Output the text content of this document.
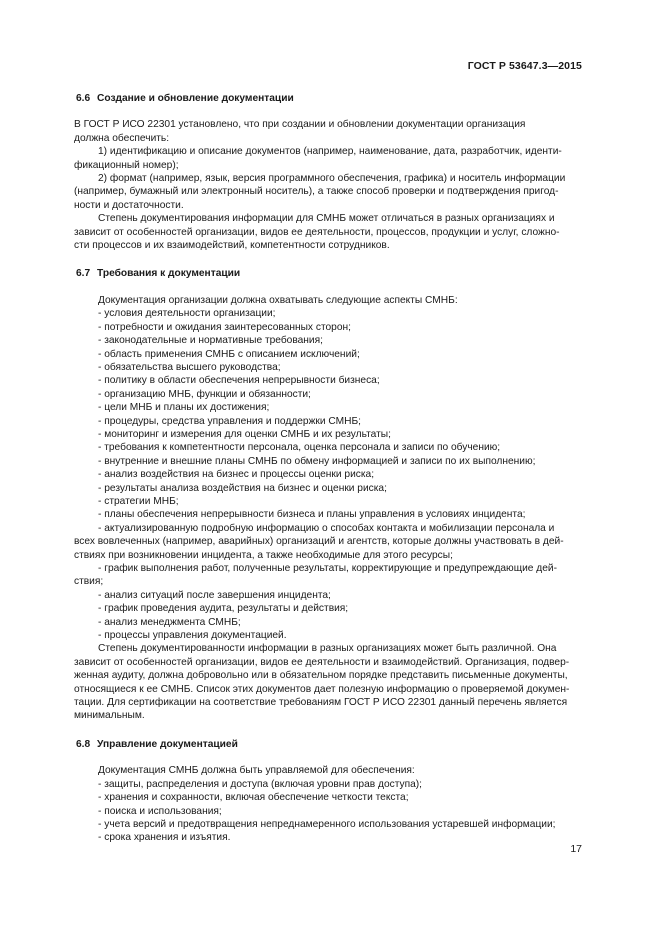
ГОСТ Р 53647.3—2015
6.6 Создание и обновление документации
В ГОСТ Р ИСО 22301 установлено, что при создании и обновлении документации организация
должна обеспечить:
1) идентификацию и описание документов (например, наименование, дата, разработчик, иденти-
фикационный номер);
2) формат (например, язык, версия программного обеспечения, графика) и носитель информации
(например, бумажный или электронный носитель), а также способ проверки и подтверждения пригод-
ности и достаточности.
Степень документирования информации для СМНБ может отличаться в разных организациях и
зависит от особенностей организации, видов ее деятельности, процессов, продукции и услуг, сложно-
сти процессов и их взаимодействий, компетентности сотрудников.
6.7 Требования к документации
Документация организации должна охватывать следующие аспекты СМНБ:
- условия деятельности организации;
- потребности и ожидания заинтересованных сторон;
- законодательные и нормативные требования;
- область применения СМНБ с описанием исключений;
- обязательства высшего руководства;
- политику в области обеспечения непрерывности бизнеса;
- организацию МНБ, функции и обязанности;
- цели МНБ и планы их достижения;
- процедуры, средства управления и поддержки СМНБ;
- мониторинг и измерения для оценки СМНБ и их результаты;
- требования к компетентности персонала, оценка персонала и записи по обучению;
- внутренние и внешние планы СМНБ по обмену информацией и записи по их выполнению;
- анализ воздействия на бизнес и процессы оценки риска;
- результаты анализа воздействия на бизнес и оценки риска;
- стратегии МНБ;
- планы обеспечения непрерывности бизнеса и планы управления в условиях инцидента;
- актуализированную подробную информацию о способах контакта и мобилизации персонала и
всех вовлеченных (например, аварийных) организаций и агентств, которые должны участвовать в дей-
ствиях при возникновении инцидента, а также необходимые для этого ресурсы;
- график выполнения работ, полученные результаты, корректирующие и предупреждающие дей-
ствия;
- анализ ситуаций после завершения инцидента;
- график проведения аудита, результаты и действия;
- анализ менеджмента СМНБ;
- процессы управления документацией.
Степень документированности информации в разных организациях может быть различной. Она
зависит от особенностей организации, видов ее деятельности и взаимодействий. Организация, подвер-
женная аудиту, должна добровольно или в обязательном порядке представить письменные документы,
относящиеся к ее СМНБ. Список этих документов дает полезную информацию о проверяемой докумен-
тации. Для сертификации на соответствие требованиям ГОСТ Р ИСО 22301 данный перечень является
минимальным.
6.8 Управление документацией
Документация СМНБ должна быть управляемой для обеспечения:
- защиты, распределения и доступа (включая уровни прав доступа);
- хранения и сохранности, включая обеспечение четкости текста;
- поиска и использования;
- учета версий и предотвращения непреднамеренного использования устаревшей информации;
- срока хранения и изъятия.
17
